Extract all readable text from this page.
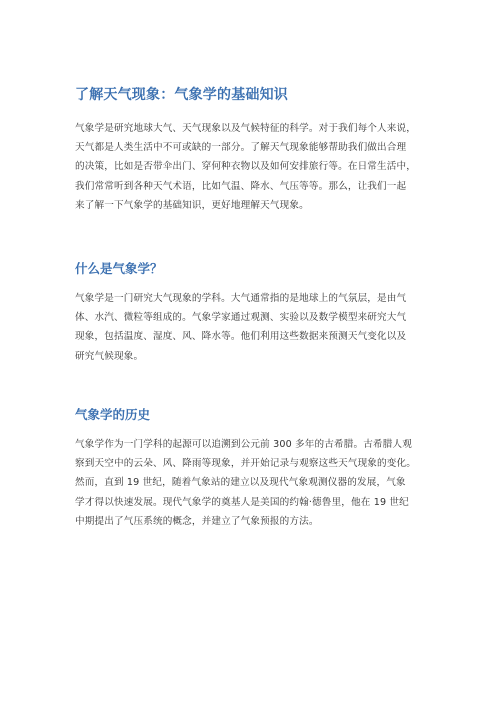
了解天气现象：气象学的基础知识
气象学是研究地球大气、天气现象以及气候特征的科学。对于我们每个人来说，
天气都是人类生活中不可或缺的一部分。了解天气现象能够帮助我们做出合理
的决策，比如是否带伞出门、穿何种衣物以及如何安排旅行等。在日常生活中，
我们常常听到各种天气术语，比如气温、降水、气压等等。那么，让我们一起
来了解一下气象学的基础知识，更好地理解天气现象。
什么是气象学？
气象学是一门研究大气现象的学科。大气通常指的是地球上的气氛层，是由气
体、水汽、微粒等组成的。气象学家通过观测、实验以及数学模型来研究大气
现象，包括温度、湿度、风、降水等。他们利用这些数据来预测天气变化以及
研究气候现象。
气象学的历史
气象学作为一门学科的起源可以追溯到公元前 300 多年的古希腊。古希腊人观
察到天空中的云朵、风、降雨等现象，并开始记录与观察这些天气现象的变化。
然而，直到 19 世纪，随着气象站的建立以及现代气象观测仪器的发展，气象
学才得以快速发展。现代气象学的奠基人是美国的约翰·德鲁里，他在 19 世纪
中期提出了气压系统的概念，并建立了气象预报的方法。
